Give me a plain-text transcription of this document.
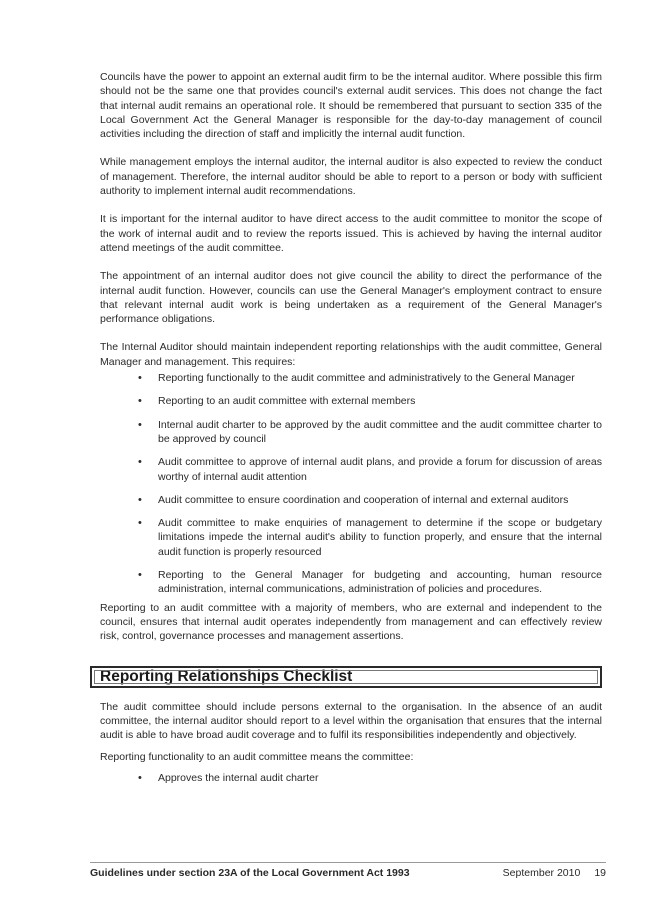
Councils have the power to appoint an external audit firm to be the internal auditor. Where possible this firm should not be the same one that provides council's external audit services. This does not change the fact that internal audit remains an operational role. It should be remembered that pursuant to section 335 of the Local Government Act the General Manager is responsible for the day-to-day management of council activities including the direction of staff and implicitly the internal audit function.

While management employs the internal auditor, the internal auditor is also expected to review the conduct of management. Therefore, the internal auditor should be able to report to a person or body with sufficient authority to implement internal audit recommendations.

It is important for the internal auditor to have direct access to the audit committee to monitor the scope of the work of internal audit and to review the reports issued. This is achieved by having the internal auditor attend meetings of the audit committee.

The appointment of an internal auditor does not give council the ability to direct the performance of the internal audit function. However, councils can use the General Manager's employment contract to ensure that relevant internal audit work is being undertaken as a requirement of the General Manager's performance obligations.

The Internal Auditor should maintain independent reporting relationships with the audit committee, General Manager and management. This requires:

• Reporting functionally to the audit committee and administratively to the General Manager
• Reporting to an audit committee with external members
• Internal audit charter to be approved by the audit committee and the audit committee charter to be approved by council
• Audit committee to approve of internal audit plans, and provide a forum for discussion of areas worthy of internal audit attention
• Audit committee to ensure coordination and cooperation of internal and external auditors
• Audit committee to make enquiries of management to determine if the scope or budgetary limitations impede the internal audit's ability to function properly, and ensure that the internal audit function is properly resourced
• Reporting to the General Manager for budgeting and accounting, human resource administration, internal communications, administration of policies and procedures.

Reporting to an audit committee with a majority of members, who are external and independent to the council, ensures that internal audit operates independently from management and can effectively review risk, control, governance processes and management assertions.

Reporting Relationships Checklist

The audit committee should include persons external to the organisation. In the absence of an audit committee, the internal auditor should report to a level within the organisation that ensures that the internal audit is able to have broad audit coverage and to fulfil its responsibilities independently and objectively.

Reporting functionality to an audit committee means the committee:

• Approves the internal audit charter
Guidelines under section 23A of the Local Government Act 1993	September 2010 19
